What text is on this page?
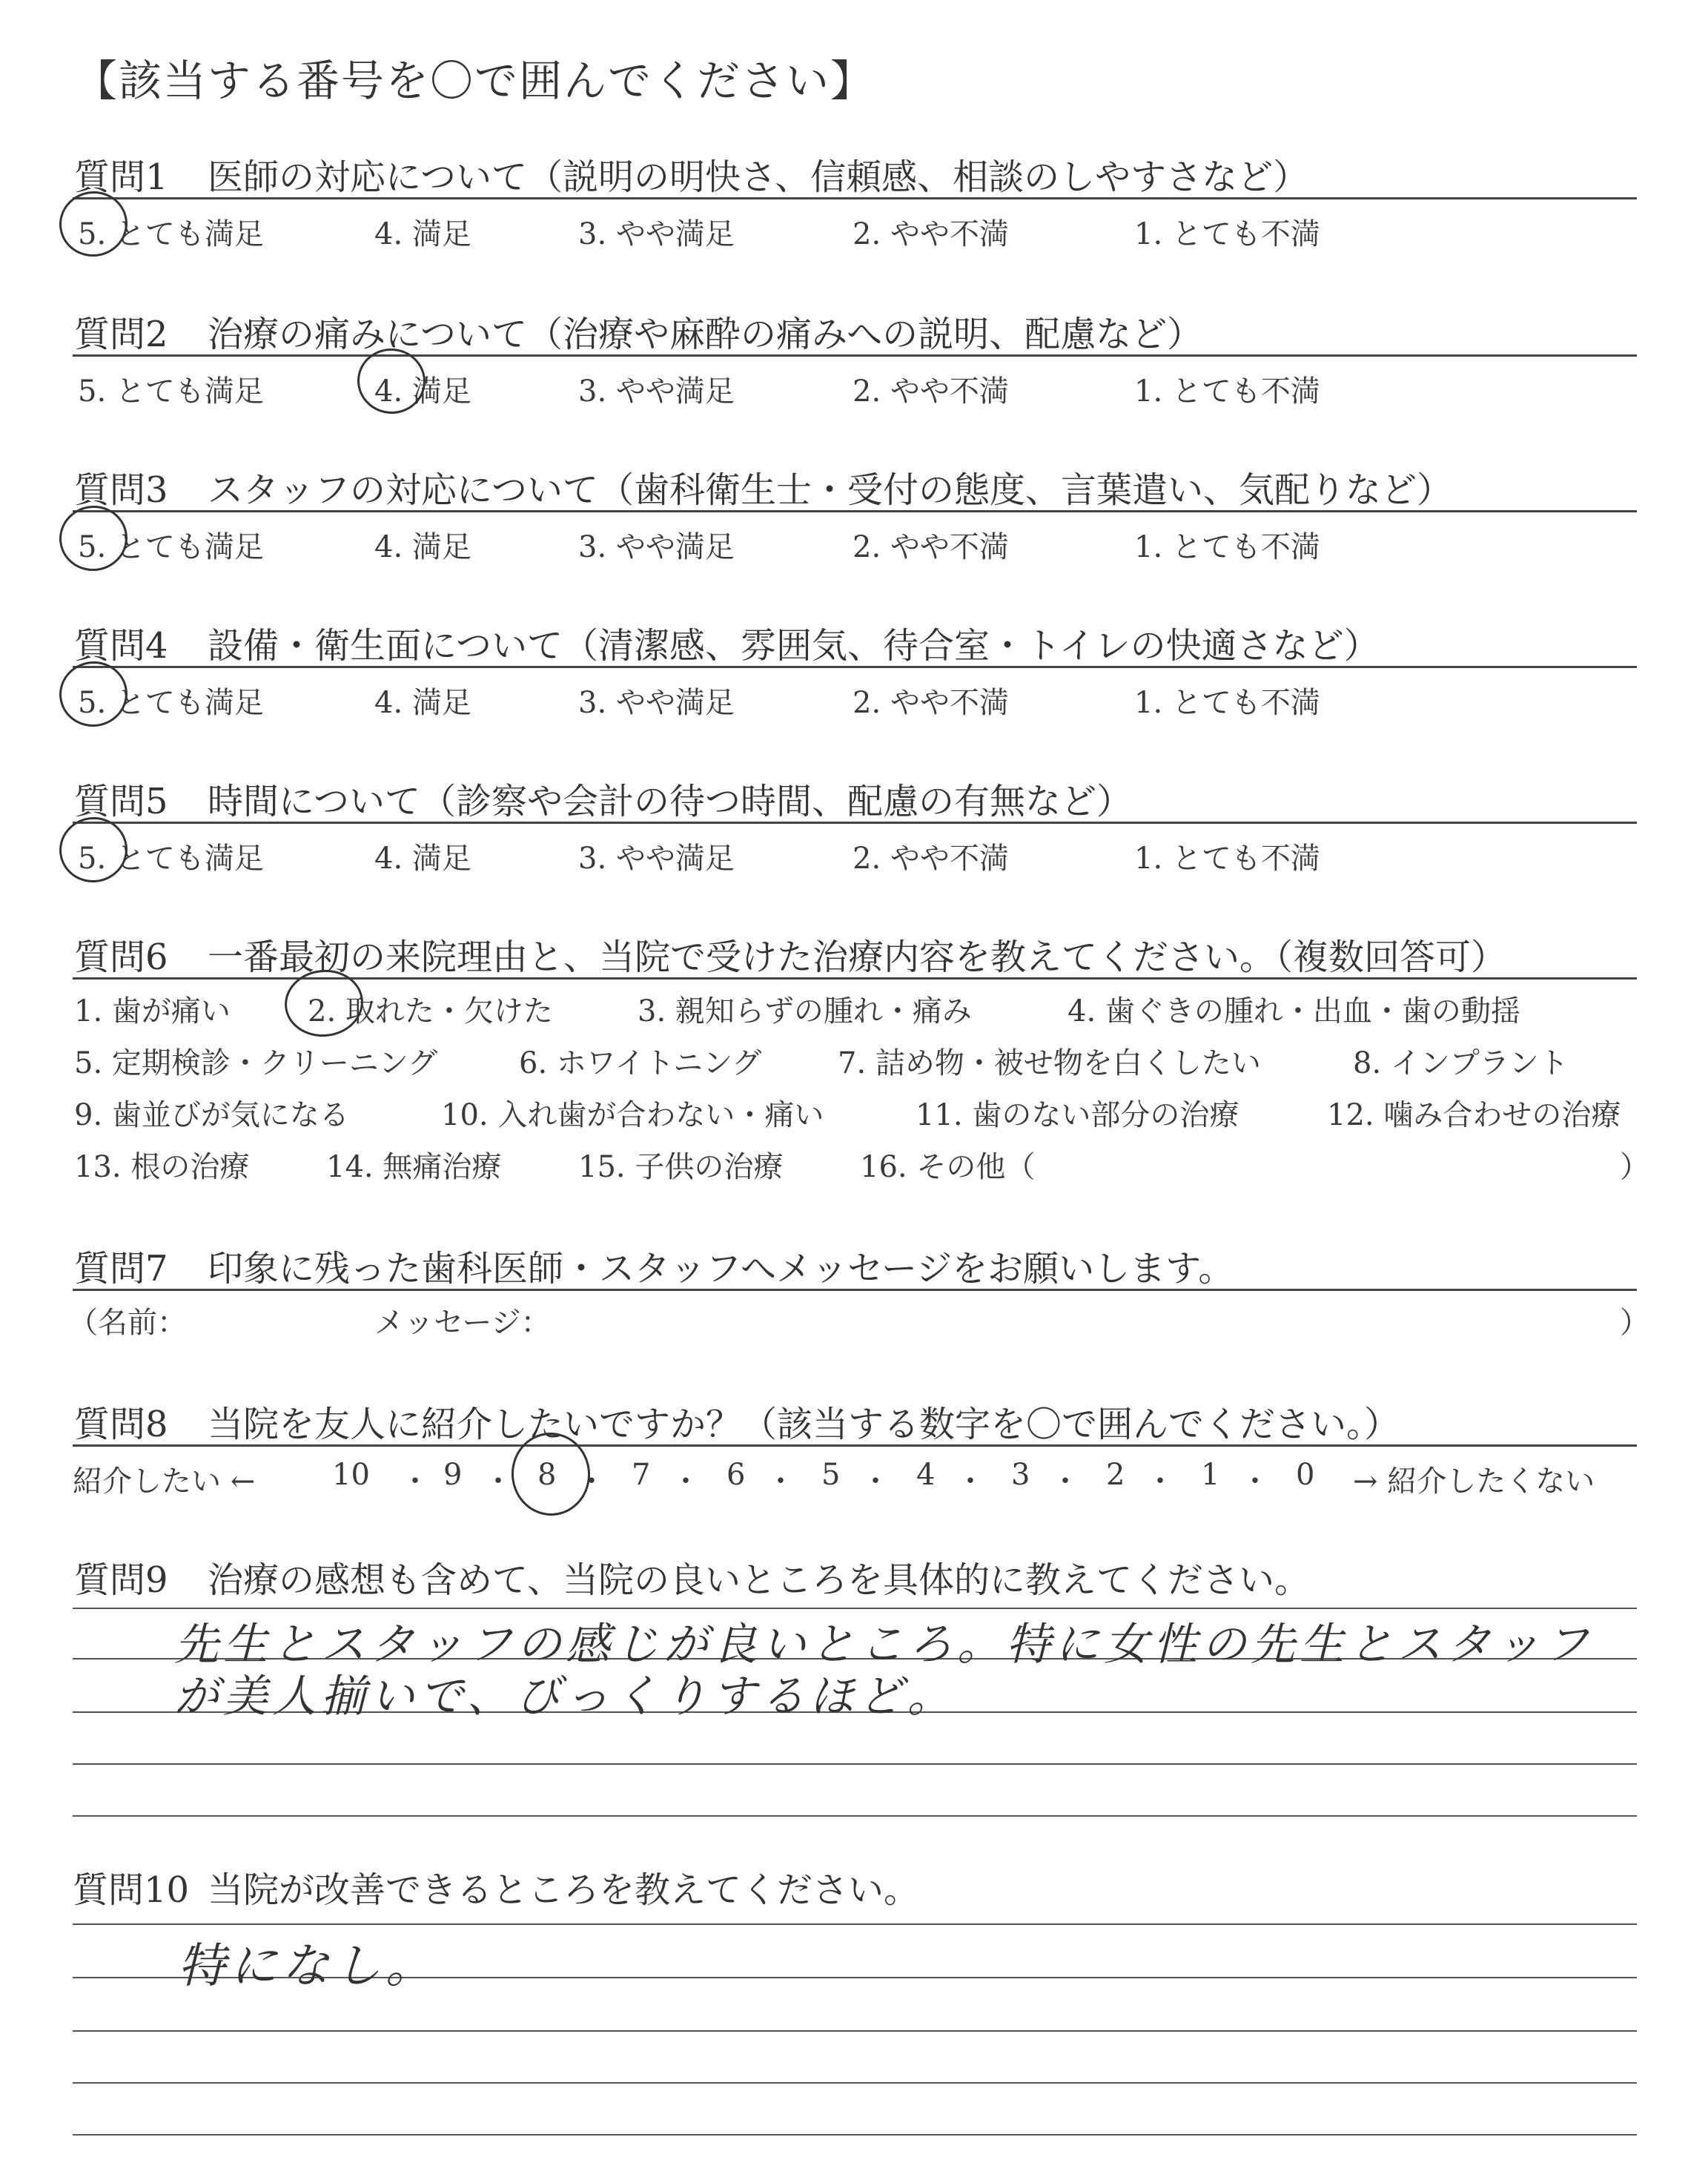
【該当する番号を〇で囲んでください】
質問1 医師の対応について（説明の明快さ、信頼感、相談のしやすさなど）
5. とても満足	4. 満足	3. やや満足	2. やや不満	1. とても不満
質問2 治療の痛みについて（治療や麻酔の痛みへの説明、配慮など）
5. とても満足	4. 満足	3. やや満足	2. やや不満	1. とても不満
質問3 スタッフの対応について（歯科衛生士・受付の態度、言葉遣い、気配りなど）
5. とても満足	4. 満足	3. やや満足	2. やや不満	1. とても不満
質問4 設備・衛生面について（清潔感、雰囲気、待合室・トイレの快適さなど）
5. とても満足	4. 満足	3. やや満足	2. やや不満	1. とても不満
質問5 時間について（診察や会計の待つ時間、配慮の有無など）
5. とても満足	4. 満足	3. やや満足	2. やや不満	1. とても不満
質問6 一番最初の来院理由と、当院で受けた治療内容を教えてください。（複数回答可）
1. 歯が痛い	2. 取れた・欠けた	3. 親知らずの腫れ・痛み	4. 歯ぐきの腫れ・出血・歯の動揺
5. 定期検診・クリーニング	6. ホワイトニング	7. 詰め物・被せ物を白くしたい	8. インプラント
9. 歯並びが気になる	10. 入れ歯が合わない・痛い	11. 歯のない部分の治療	12. 噛み合わせの治療
13. 根の治療	14. 無痛治療	15. 子供の治療	16. その他（	）
質問7 印象に残った歯科医師・スタッフへメッセージをお願いします。
（名前：	メッセージ：	）
質問8 当院を友人に紹介したいですか？（該当する数字を〇で囲んでください。）
紹介したい ←	10 ・ 9 ・ 8 ・ 7 ・ 6 ・ 5 ・ 4 ・ 3 ・ 2 ・ 1 ・ 0 → 紹介したくない
質問9 治療の感想も含めて、当院の良いところを具体的に教えてください。
先生とスタッフの感じが良いところ。特に女性の先生とスタッフ
が美人揃いで、びっくりするほど。
質問10 当院が改善できるところを教えてください。
特になし。
